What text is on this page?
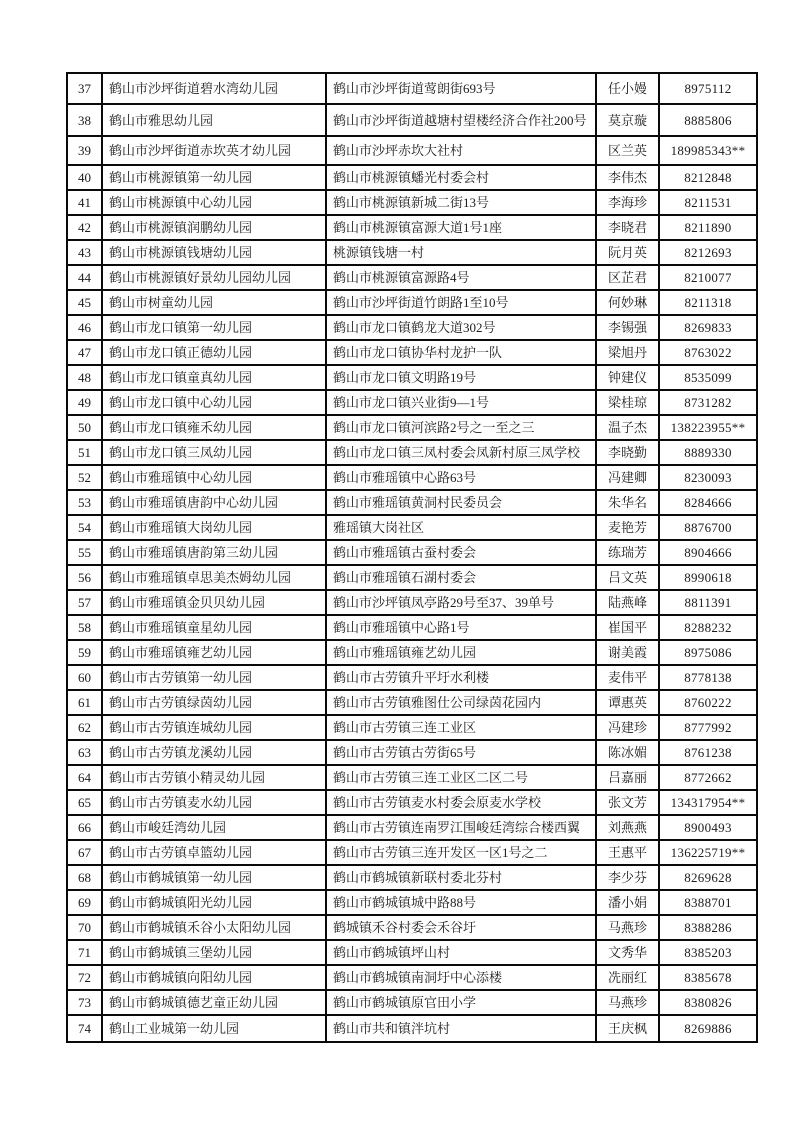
37	鹤山市沙坪街道碧水湾幼儿园	鹤山市沙坪街道莺朗街693号	任小嫚	8975112
38	鹤山市雅思幼儿园	鹤山市沙坪街道越塘村望楼经济合作社200号	莫京璇	8885806
39	鹤山市沙坪街道赤坎英才幼儿园	鹤山市沙坪赤坎大社村	区兰英	189985343**
40	鹤山市桃源镇第一幼儿园	鹤山市桃源镇蟠光村委会村	李伟杰	8212848
41	鹤山市桃源镇中心幼儿园	鹤山市桃源镇新城二街13号	李海珍	8211531
42	鹤山市桃源镇润鹏幼儿园	鹤山市桃源镇富源大道1号1座	李晓君	8211890
43	鹤山市桃源镇钱塘幼儿园	桃源镇钱塘一村	阮月英	8212693
44	鹤山市桃源镇好景幼儿园幼儿园	鹤山市桃源镇富源路4号	区芷君	8210077
45	鹤山市树童幼儿园	鹤山市沙坪街道竹朗路1至10号	何妙琳	8211318
46	鹤山市龙口镇第一幼儿园	鹤山市龙口镇鹤龙大道302号	李锡强	8269833
47	鹤山市龙口镇正德幼儿园	鹤山市龙口镇协华村龙护一队	梁旭丹	8763022
48	鹤山市龙口镇童真幼儿园	鹤山市龙口镇文明路19号	钟建仪	8535099
49	鹤山市龙口镇中心幼儿园	鹤山市龙口镇兴业街9—1号	梁桂琼	8731282
50	鹤山市龙口镇雍禾幼儿园	鹤山市龙口镇河滨路2号之一至之三	温子杰	138223955**
51	鹤山市龙口镇三凤幼儿园	鹤山市龙口镇三凤村委会凤新村原三凤学校	李晓勤	8889330
52	鹤山市雅瑶镇中心幼儿园	鹤山市雅瑶镇中心路63号	冯建卿	8230093
53	鹤山市雅瑶镇唐韵中心幼儿园	鹤山市雅瑶镇黄洞村民委员会	朱华名	8284666
54	鹤山市雅瑶镇大岗幼儿园	雅瑶镇大岗社区	麦艳芳	8876700
55	鹤山市雅瑶镇唐韵第三幼儿园	鹤山市雅瑶镇古蚕村委会	练瑞芳	8904666
56	鹤山市雅瑶镇卓思美杰姆幼儿园	鹤山市雅瑶镇石湖村委会	吕文英	8990618
57	鹤山市雅瑶镇金贝贝幼儿园	鹤山市沙坪镇凤亭路29号至37、39单号	陆燕峰	8811391
58	鹤山市雅瑶镇童星幼儿园	鹤山市雅瑶镇中心路1号	崔国平	8288232
59	鹤山市雅瑶镇雍艺幼儿园	鹤山市雅瑶镇雍艺幼儿园	谢美霞	8975086
60	鹤山市古劳镇第一幼儿园	鹤山市古劳镇升平圩水利楼	麦伟平	8778138
61	鹤山市古劳镇绿茵幼儿园	鹤山市古劳镇雅图仕公司绿茵花园内	谭惠英	8760222
62	鹤山市古劳镇连城幼儿园	鹤山市古劳镇三连工业区	冯建珍	8777992
63	鹤山市古劳镇龙溪幼儿园	鹤山市古劳镇古劳街65号	陈冰媚	8761238
64	鹤山市古劳镇小精灵幼儿园	鹤山市古劳镇三连工业区二区二号	吕嘉丽	8772662
65	鹤山市古劳镇麦水幼儿园	鹤山市古劳镇麦水村委会原麦水学校	张文芳	134317954**
66	鹤山市峻廷湾幼儿园	鹤山市古劳镇连南罗江围峻廷湾综合楼西翼	刘燕燕	8900493
67	鹤山市古劳镇卓篮幼儿园	鹤山市古劳镇三连开发区一区1号之二	王惠平	136225719**
68	鹤山市鹤城镇第一幼儿园	鹤山市鹤城镇新联村委北芬村	李少芬	8269628
69	鹤山市鹤城镇阳光幼儿园	鹤山市鹤城镇城中路88号	潘小娟	8388701
70	鹤山市鹤城镇禾谷小太阳幼儿园	鹤城镇禾谷村委会禾谷圩	马燕珍	8388286
71	鹤山市鹤城镇三堡幼儿园	鹤山市鹤城镇坪山村	文秀华	8385203
72	鹤山市鹤城镇向阳幼儿园	鹤山市鹤城镇南洞圩中心添楼	冼丽红	8385678
73	鹤山市鹤城镇德艺童正幼儿园	鹤山市鹤城镇原官田小学	马燕珍	8380826
74	鹤山工业城第一幼儿园	鹤山市共和镇泮坑村	王庆枫	8269886
